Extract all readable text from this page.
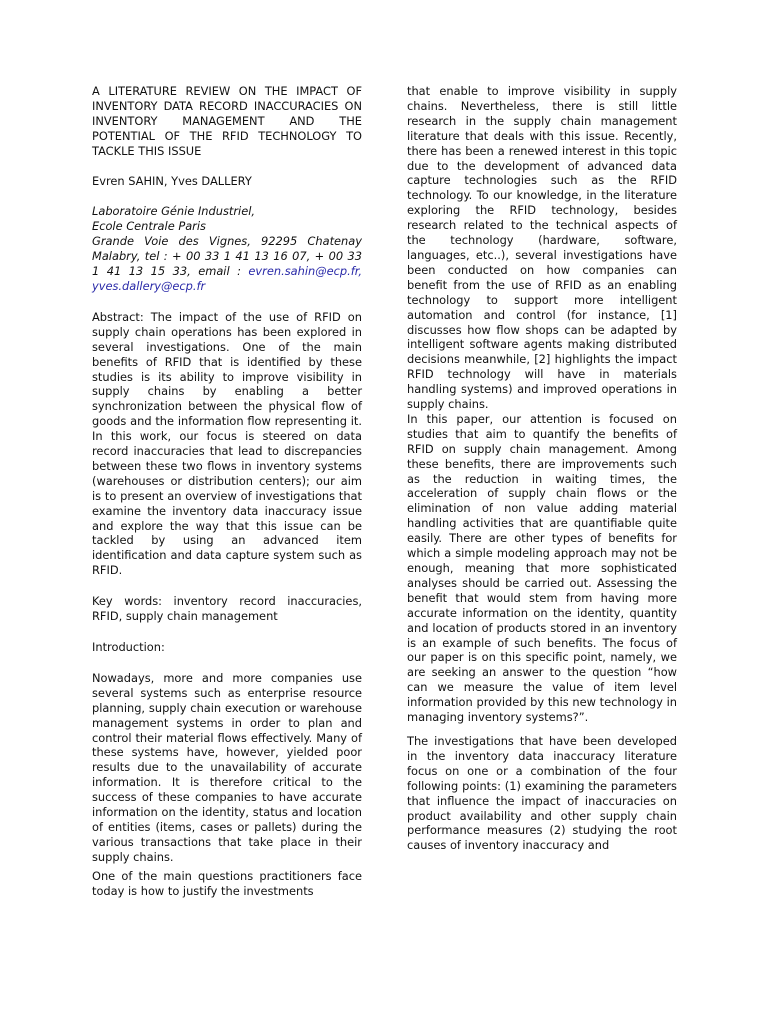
A LITERATURE REVIEW ON THE IMPACT OF INVENTORY DATA RECORD INACCURACIES ON INVENTORY MANAGEMENT AND THE POTENTIAL OF THE RFID TECHNOLOGY TO TACKLE THIS ISSUE

Evren SAHIN, Yves DALLERY

Laboratoire Génie Industriel,
Ecole Centrale Paris
Grande Voie des Vignes, 92295 Chatenay Malabry, tel : + 00 33 1 41 13 16 07, + 00 33 1 41 13 15 33, email : evren.sahin@ecp.fr, yves.dallery@ecp.fr

Abstract: The impact of the use of RFID on supply chain operations has been explored in several investigations. One of the main benefits of RFID that is identified by these studies is its ability to improve visibility in supply chains by enabling a better synchronization between the physical flow of goods and the information flow representing it. In this work, our focus is steered on data record inaccuracies that lead to discrepancies between these two flows in inventory systems (warehouses or distribution centers); our aim is to present an overview of investigations that examine the inventory data inaccuracy issue and explore the way that this issue can be tackled by using an advanced item identification and data capture system such as RFID.

Key words: inventory record inaccuracies, RFID, supply chain management

Introduction:

Nowadays, more and more companies use several systems such as enterprise resource planning, supply chain execution or warehouse management systems in order to plan and control their material flows effectively. Many of these systems have, however, yielded poor results due to the unavailability of accurate information. It is therefore critical to the success of these companies to have accurate information on the identity, status and location of entities (items, cases or pallets) during the various transactions that take place in their supply chains.

One of the main questions practitioners face today is how to justify the investments

that enable to improve visibility in supply chains. Nevertheless, there is still little research in the supply chain management literature that deals with this issue. Recently, there has been a renewed interest in this topic due to the development of advanced data capture technologies such as the RFID technology. To our knowledge, in the literature exploring the RFID technology, besides research related to the technical aspects of the technology (hardware, software, languages, etc..), several investigations have been conducted on how companies can benefit from the use of RFID as an enabling technology to support more intelligent automation and control (for instance, [1] discusses how flow shops can be adapted by intelligent software agents making distributed decisions meanwhile, [2] highlights the impact RFID technology will have in materials handling systems) and improved operations in supply chains.

In this paper, our attention is focused on studies that aim to quantify the benefits of RFID on supply chain management. Among these benefits, there are improvements such as the reduction in waiting times, the acceleration of supply chain flows or the elimination of non value adding material handling activities that are quantifiable quite easily. There are other types of benefits for which a simple modeling approach may not be enough, meaning that more sophisticated analyses should be carried out. Assessing the benefit that would stem from having more accurate information on the identity, quantity and location of products stored in an inventory is an example of such benefits. The focus of our paper is on this specific point, namely, we are seeking an answer to the question “how can we measure the value of item level information provided by this new technology in managing inventory systems?”.

The investigations that have been developed in the inventory data inaccuracy literature focus on one or a combination of the four following points: (1) examining the parameters that influence the impact of inaccuracies on product availability and other supply chain performance measures (2) studying the root causes of inventory inaccuracy and
